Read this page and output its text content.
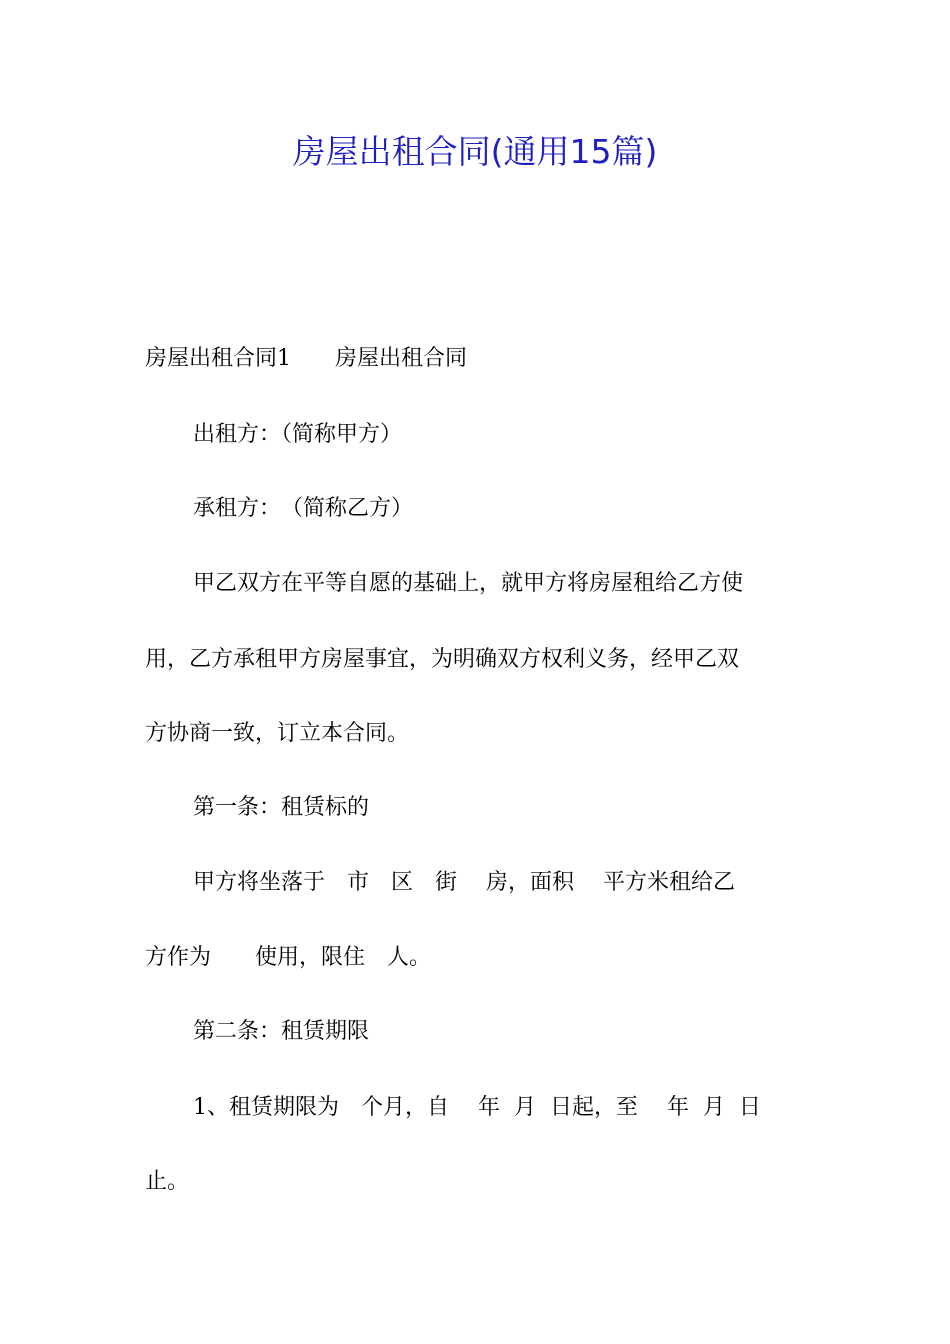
房屋出租合同(通用15篇)
房屋出租合同1　　房屋出租合同
出租方：（简称甲方）
承租方：　（简称乙方）
甲乙双方在平等自愿的基础上，就甲方将房屋租给乙方使
用，乙方承租甲方房屋事宜，为明确双方权利义务，经甲乙双
方协商一致，订立本合同。
第一条：租赁标的
甲方将坐落于　市　区　街　 房，面积　 平方米租给乙
方作为　　使用，限住　人。
第二条：租赁期限
1、租赁期限为　个月，自　 年  月  日起，至　 年  月  日
止。
